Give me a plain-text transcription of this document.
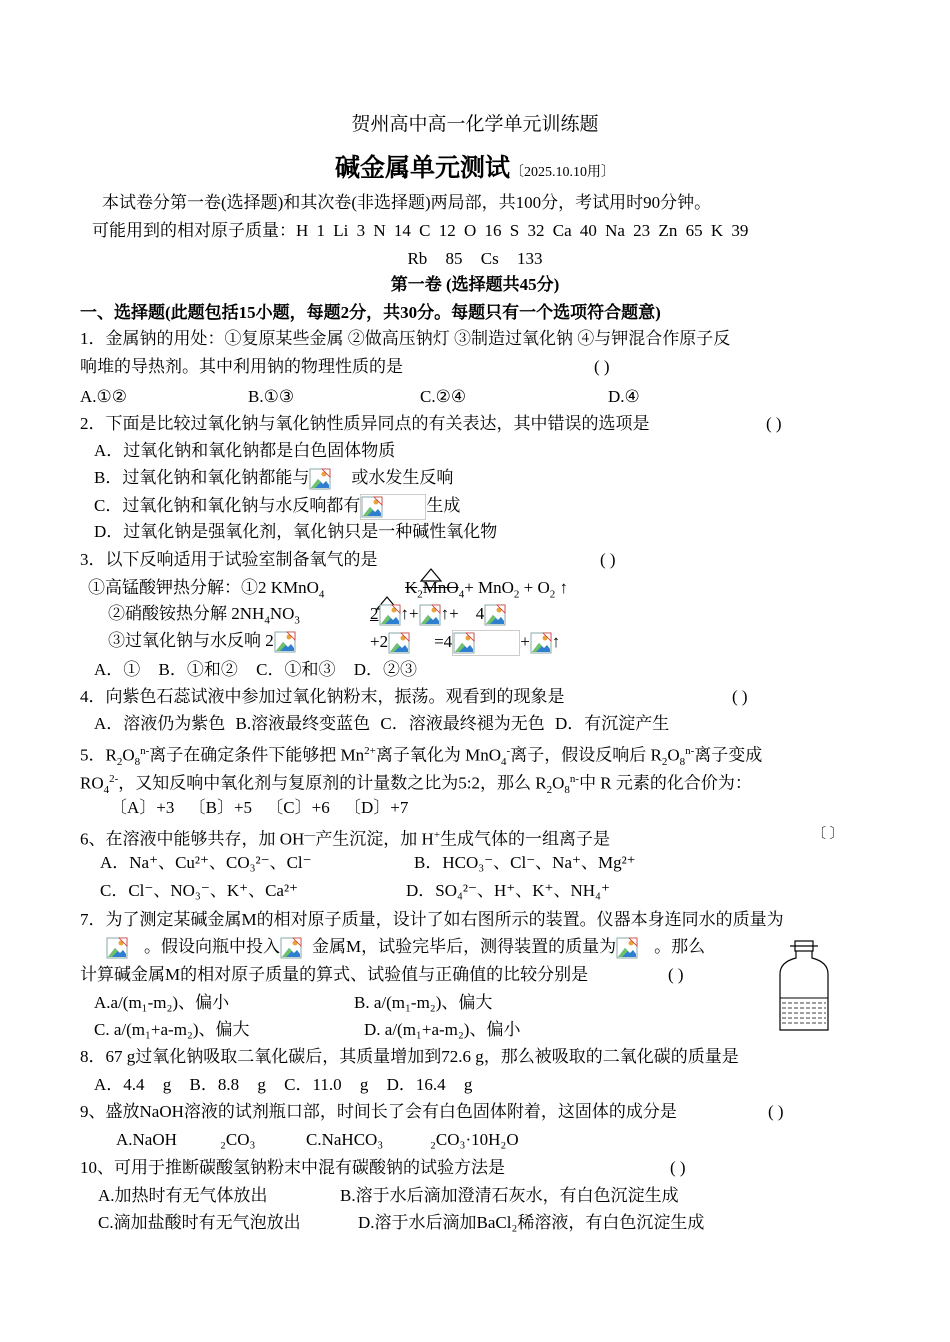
贺州高中高一化学单元训练题
碱金属单元测试〔2025.10.10用〕
本试卷分第一卷(选择题)和其次卷(非选择题)两局部，共100分，考试用时90分钟。
可能用到的相对原子质量：H 1 Li 3 N 14 C 12 O 16 S 32 Ca 40 Na 23 Zn 65 K 39
Rb 85 Cs 133
第一卷 (选择题共45分)
一、选择题(此题包括15小题，每题2分，共30分。每题只有一个选项符合题意)
1．金属钠的用处：①复原某些金属 ②做高压钠灯 ③制造过氧化钠 ④与钾混合作原子反
响堆的导热剂。其中利用钠的物理性质的是	( )
A.①②	B.①③	C.②④	D.④
2．下面是比较过氧化钠与氧化钠性质异同点的有关表达，其中错误的选项是	( )
A．过氧化钠和氧化钠都是白色固体物质
B．过氧化钠和氧化钠都能与 或水发生反响
C．过氧化钠和氧化钠与水反响都有	生成
D．过氧化钠是强氧化剂，氧化钠只是一种碱性氧化物
3．以下反响适用于试验室制备氧气的是	( )
①高锰酸钾热分解：①2 KMnO$_4$	$K_2MnO_4+ MnO_2 + O_2$ ↑
②硝酸铵热分解 $2NH_4NO_3$	2 ↑+ ↑+    4
③过氧化钠与水反响 2	+2	=4	+ ↑
A．① B．①和② C．①和③ D．②③
4．向紫色石蕊试液中参加过氧化钠粉末，振荡。观看到的现象是	( )
A．溶液仍为紫色 B.溶液最终变蓝色 C．溶液最终褪为无色 D．有沉淀产生
5．$R_2O_8^{n-}$离子在确定条件下能够把 $Mn^{2+}$离子氧化为 MnO$_4$-离子，假设反响后 $R_2O_8^{n-}$离子变成
$RO_4^{2-}$，又知反响中氧化剂与复原剂的计量数之比为5:2，那么 $R_2O_8^{n-}$中 R 元素的化合价为：
〔A〕+3 〔B〕+5 〔C〕+6 〔D〕+7
6、在溶液中能够共存，加 OH—产生沉淀，加 H+生成气体的一组离子是	〔 〕
A．Na⁺、Cu²⁺、CO₃²⁻、Cl⁻	B．HCO₃⁻、Cl⁻、Na⁺、Mg²⁺
C．Cl⁻、NO₃⁻、K⁺、Ca²⁺	D．SO₄²⁻、H⁺、K⁺、NH₄⁺
7．为了测定某碱金属M的相对原子质量，设计了如右图所示的装置。仪器本身连同水的质量为
。假设向瓶中投入 金属M，试验完毕后，测得装置的质量为 。那么
计算碱金属M的相对原子质量的算式、试验值与正确值的比较分别是	( )
A.a/(m₁-m₂)、偏小	B. a/(m₁-m₂)、偏大
C. a/(m₁+a-m₂)、偏大	D. a/(m₁+a-m₂)、偏小
8．67 g过氧化钠吸取二氧化碳后，其质量增加到72.6 g，那么被吸取的二氧化碳的质量是
A．4.4 g B．8.8 g C．11.0 g D．16.4 g
9、盛放NaOH溶液的试剂瓶口部，时间长了会有白色固体附着，这固体的成分是	( )
A.NaOH	₂CO₃	C.NaHCO₃	₂CO₃·10H₂O
10、可用于推断碳酸氢钠粉末中混有碳酸钠的试验方法是	( )
A.加热时有无气体放出	B.溶于水后滴加澄清石灰水，有白色沉淀生成
C.滴加盐酸时有无气泡放出	D.溶于水后滴加BaCl₂稀溶液，有白色沉淀生成
